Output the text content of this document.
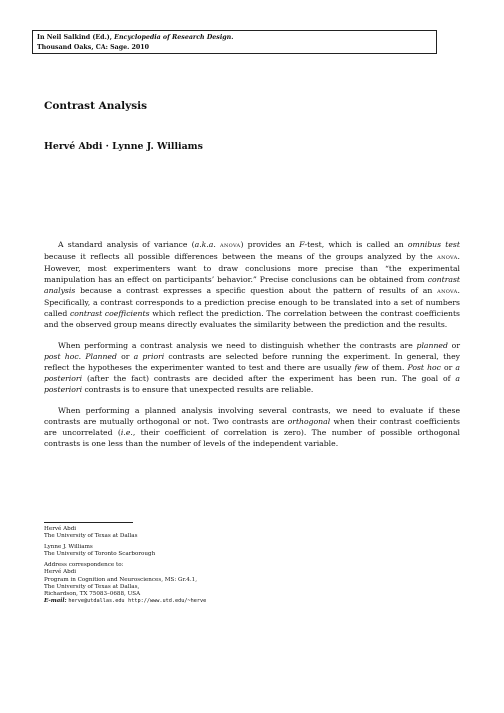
In Neil Salkind (Ed.), Encyclopedia of Research Design.
Thousand Oaks, CA: Sage. 2010
Contrast Analysis
Hervé Abdi · Lynne J. Williams

A standard analysis of variance (a.k.a. anova) provides an F-test, which is called an omnibus test because it reflects all possible differences between the means of the groups analyzed by the anova. However, most experimenters want to draw conclusions more precise than “the experimental manipulation has an effect on participants’ behavior.” Precise conclusions can be obtained from contrast analysis because a contrast expresses a specific question about the pattern of results of an anova. Specifically, a contrast corresponds to a prediction precise enough to be translated into a set of numbers called contrast coefficients which reflect the prediction. The correlation between the contrast coefficients and the observed group means directly evaluates the similarity between the prediction and the results.

When performing a contrast analysis we need to distinguish whether the contrasts are planned or post hoc. Planned or a priori contrasts are selected before running the experiment. In general, they reflect the hypotheses the experimenter wanted to test and there are usually few of them. Post hoc or a posteriori (after the fact) contrasts are decided after the experiment has been run. The goal of a posteriori contrasts is to ensure that unexpected results are reliable.

When performing a planned analysis involving several contrasts, we need to evaluate if these contrasts are mutually orthogonal or not. Two contrasts are orthogonal when their contrast coefficients are uncorrelated (i.e., their coefficient of correlation is zero). The number of possible orthogonal contrasts is one less than the number of levels of the independent variable.

Hervé Abdi
The University of Texas at Dallas
Lynne J. Williams
The University of Toronto Scarborough
Address correspondence to:
Hervé Abdi
Program in Cognition and Neurosciences, MS: Gr.4.1,
The University of Texas at Dallas,
Richardson, TX 75083–0688, USA
E-mail: herve@utdallas.edu http://www.utd.edu/~herve
